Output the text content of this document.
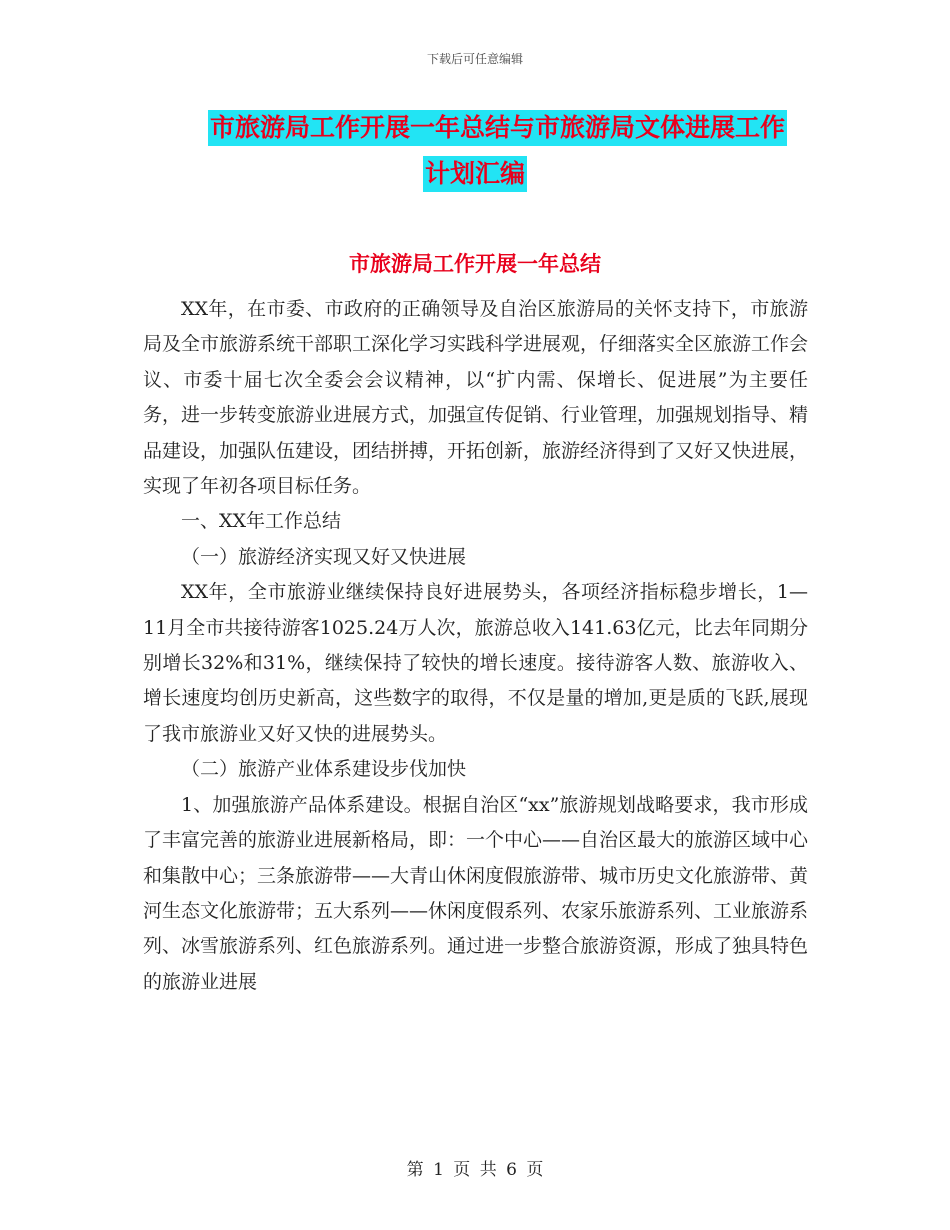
下载后可任意编辑
市旅游局工作开展一年总结与市旅游局文体进展工作
计划汇编
市旅游局工作开展一年总结

XX年，在市委、市政府的正确领导及自治区旅游局的关怀支持下，市旅游局及全市旅游系统干部职工深化学习实践科学进展观，仔细落实全区旅游工作会议、市委十届七次全委会会议精神，以“扩内需、保增长、促进展”为主要任务，进一步转变旅游业进展方式，加强宣传促销、行业管理，加强规划指导、精品建设，加强队伍建设，团结拼搏，开拓创新，旅游经济得到了又好又快进展，实现了年初各项目标任务。

一、XX年工作总结

（一）旅游经济实现又好又快进展

XX年，全市旅游业继续保持良好进展势头，各项经济指标稳步增长，1—11月全市共接待游客1025.24万人次，旅游总收入141.63亿元，比去年同期分别增长32%和31%，继续保持了较快的增长速度。接待游客人数、旅游收入、增长速度均创历史新高，这些数字的取得，不仅是量的增加,更是质的飞跃,展现了我市旅游业又好又快的进展势头。

（二）旅游产业体系建设步伐加快

1、加强旅游产品体系建设。根据自治区“xx”旅游规划战略要求，我市形成了丰富完善的旅游业进展新格局，即：一个中心——自治区最大的旅游区域中心和集散中心；三条旅游带——大青山休闲度假旅游带、城市历史文化旅游带、黄河生态文化旅游带；五大系列——休闲度假系列、农家乐旅游系列、工业旅游系列、冰雪旅游系列、红色旅游系列。通过进一步整合旅游资源，形成了独具特色的旅游业进展

第 1 页 共 6 页
